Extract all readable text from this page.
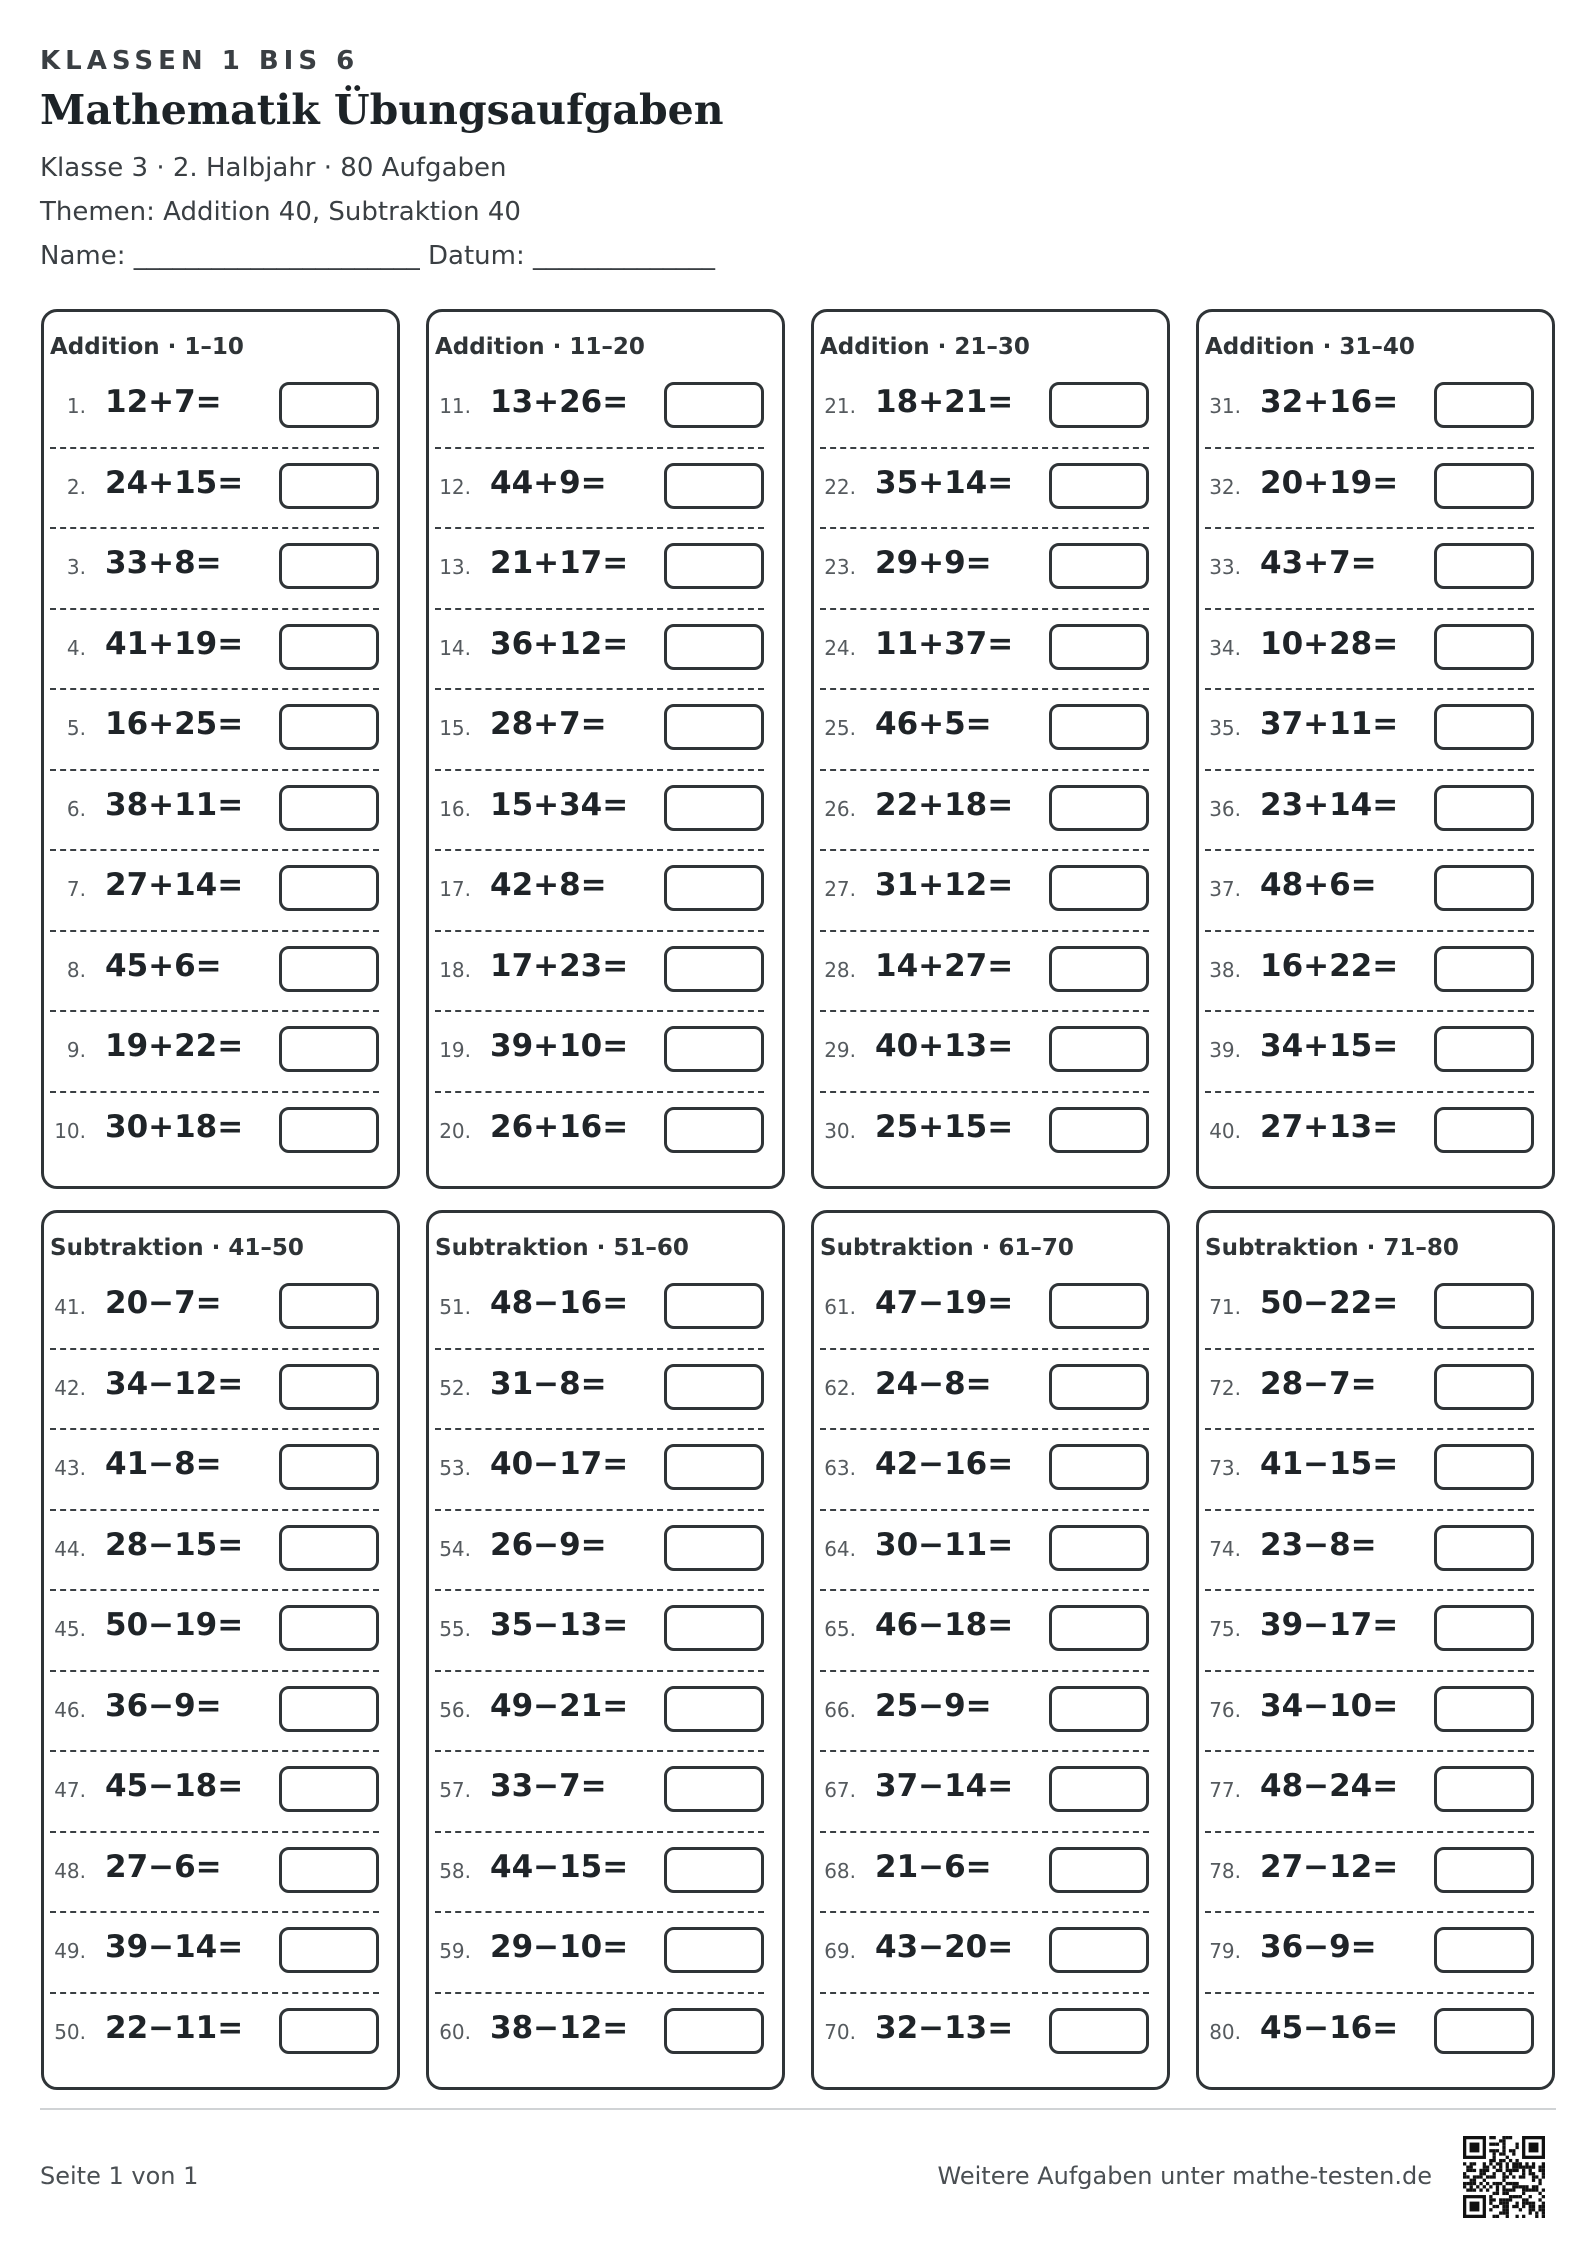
KLASSEN 1 BIS 6
Mathematik Übungsaufgaben
Klasse 3 · 2. Halbjahr · 80 Aufgaben
Themen: Addition 40, Subtraktion 40
Name: ______________________ Datum: ______________
Addition · 1–10
1. 12+7=
2. 24+15=
3. 33+8=
4. 41+19=
5. 16+25=
6. 38+11=
7. 27+14=
8. 45+6=
9. 19+22=
10. 30+18=
Addition · 11–20
11. 13+26=
12. 44+9=
13. 21+17=
14. 36+12=
15. 28+7=
16. 15+34=
17. 42+8=
18. 17+23=
19. 39+10=
20. 26+16=
Addition · 21–30
21. 18+21=
22. 35+14=
23. 29+9=
24. 11+37=
25. 46+5=
26. 22+18=
27. 31+12=
28. 14+27=
29. 40+13=
30. 25+15=
Addition · 31–40
31. 32+16=
32. 20+19=
33. 43+7=
34. 10+28=
35. 37+11=
36. 23+14=
37. 48+6=
38. 16+22=
39. 34+15=
40. 27+13=
Subtraktion · 41–50
41. 20−7=
42. 34−12=
43. 41−8=
44. 28−15=
45. 50−19=
46. 36−9=
47. 45−18=
48. 27−6=
49. 39−14=
50. 22−11=
Subtraktion · 51–60
51. 48−16=
52. 31−8=
53. 40−17=
54. 26−9=
55. 35−13=
56. 49−21=
57. 33−7=
58. 44−15=
59. 29−10=
60. 38−12=
Subtraktion · 61–70
61. 47−19=
62. 24−8=
63. 42−16=
64. 30−11=
65. 46−18=
66. 25−9=
67. 37−14=
68. 21−6=
69. 43−20=
70. 32−13=
Subtraktion · 71–80
71. 50−22=
72. 28−7=
73. 41−15=
74. 23−8=
75. 39−17=
76. 34−10=
77. 48−24=
78. 27−12=
79. 36−9=
80. 45−16=
Seite 1 von 1	Weitere Aufgaben unter mathe-testen.de
